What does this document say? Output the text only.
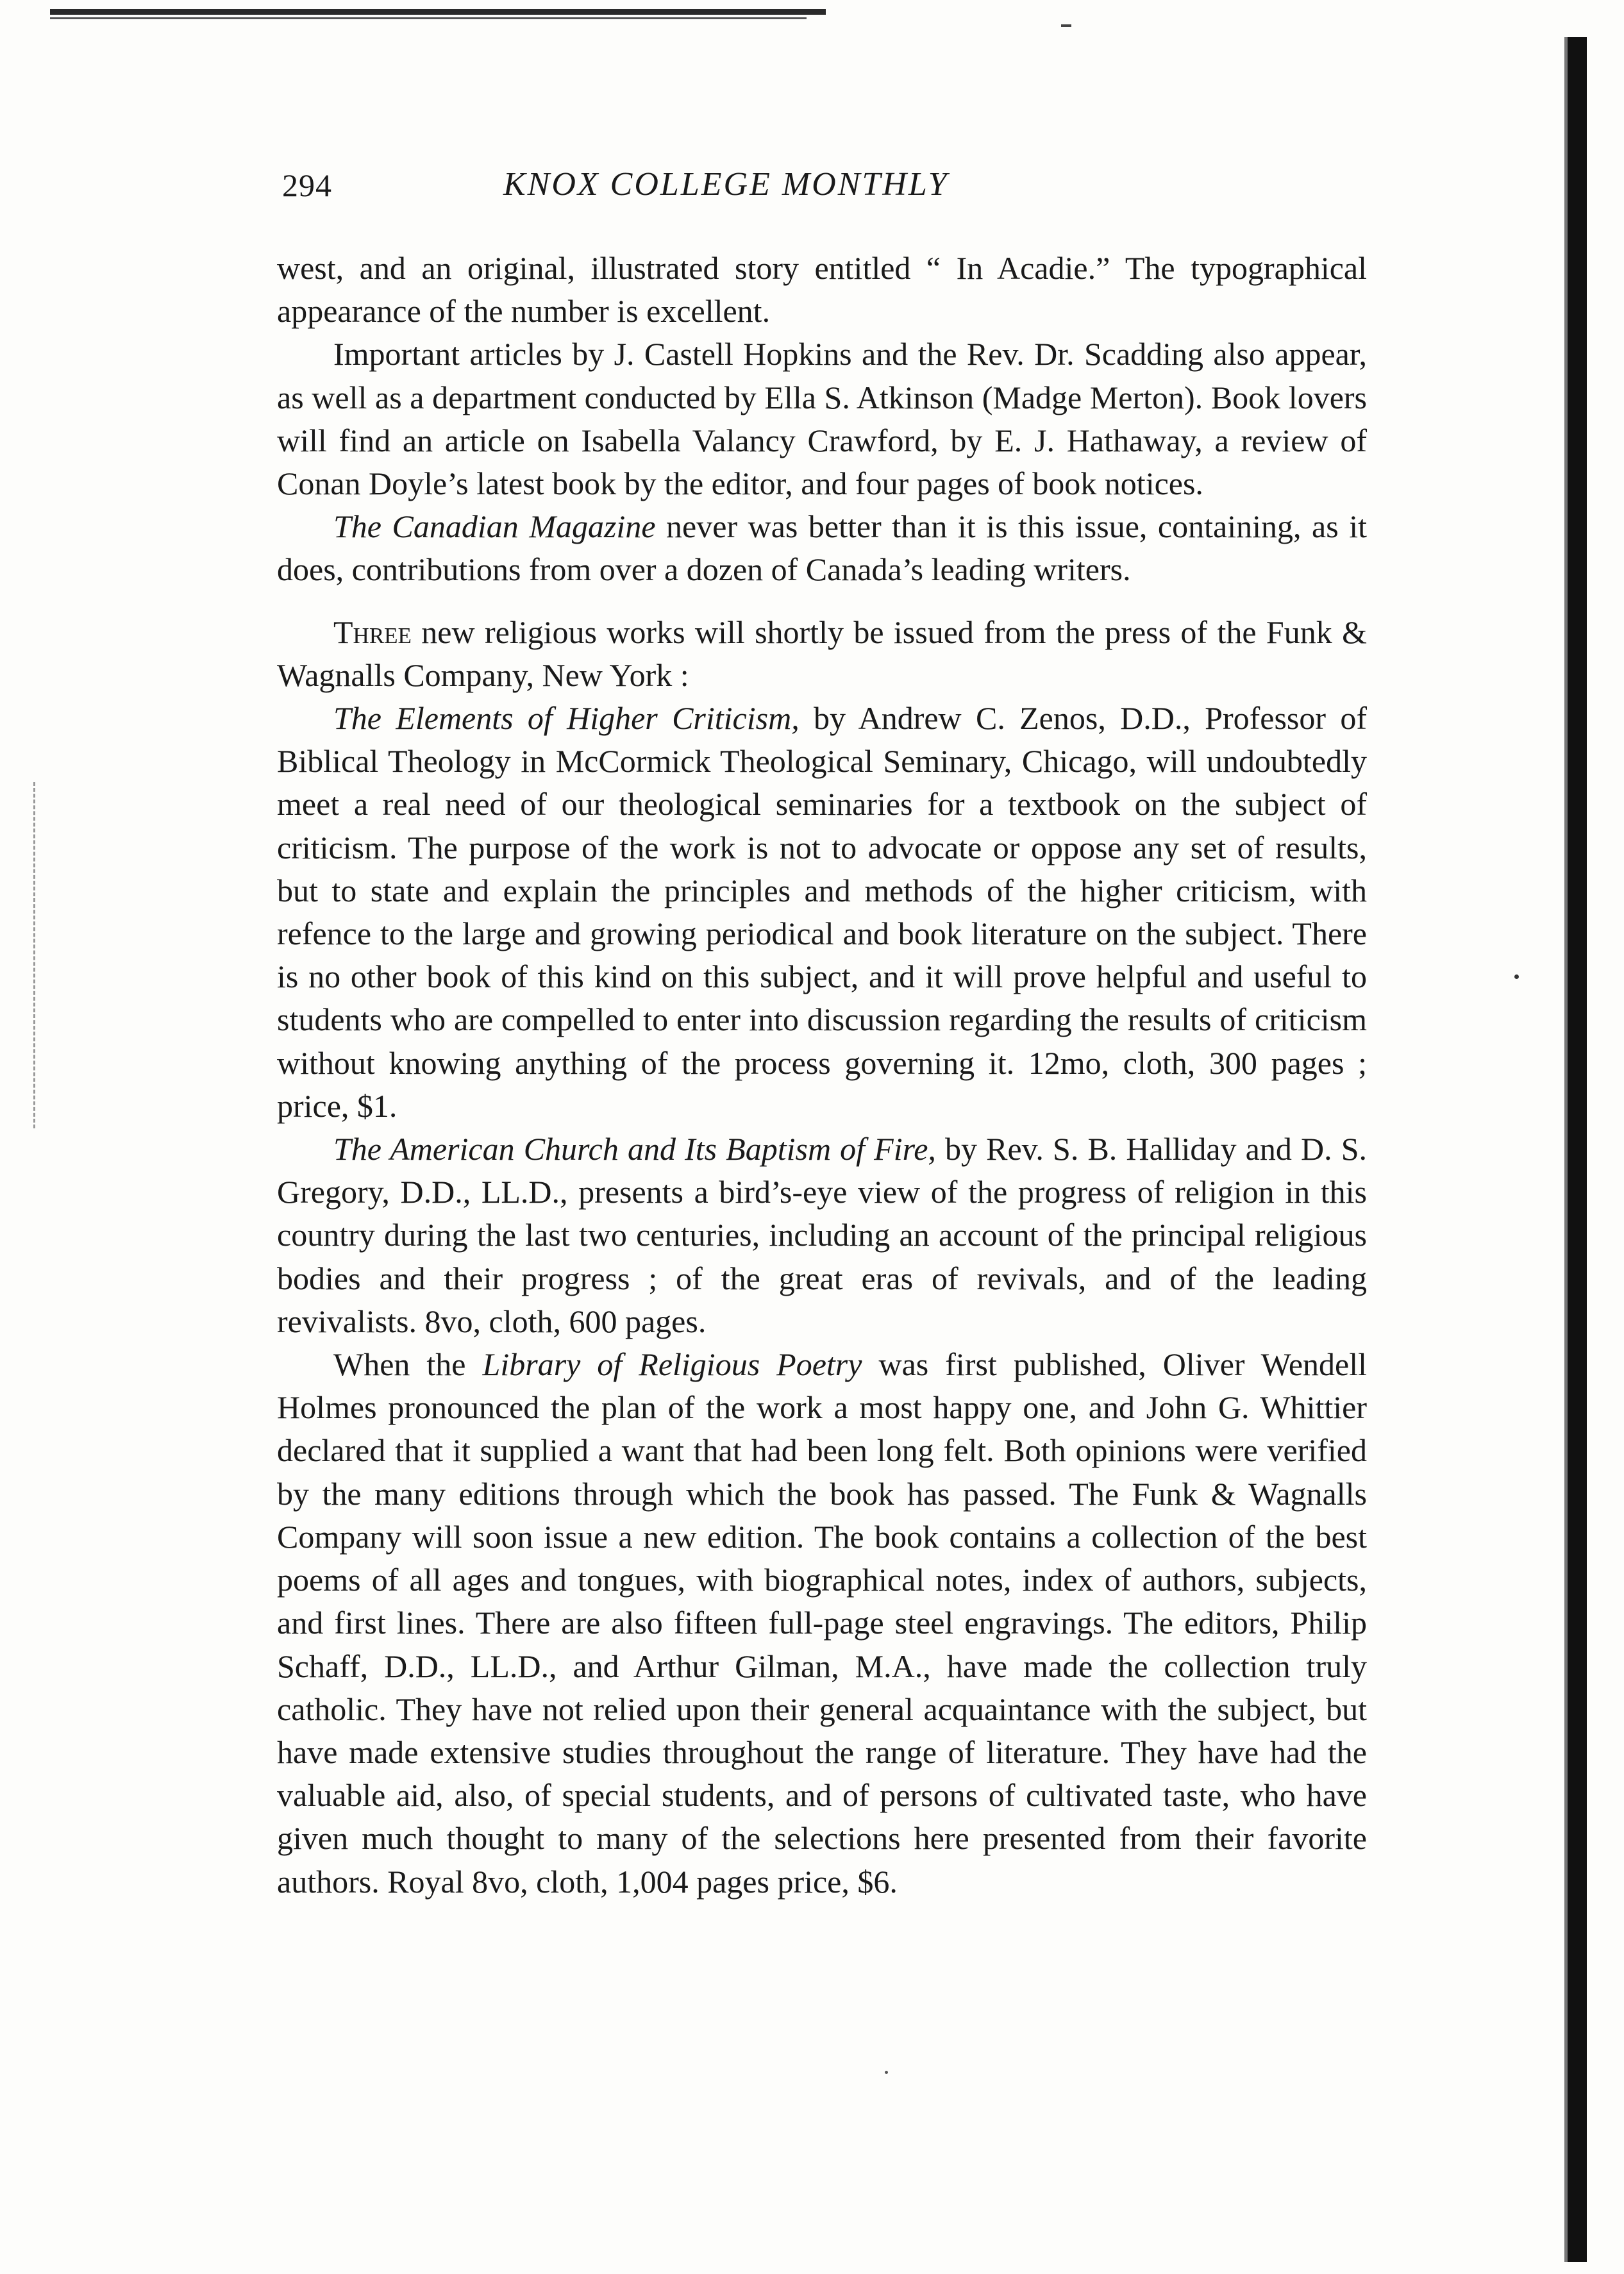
294	KNOX COLLEGE MONTHLY

west, and an original, illustrated story entitled “ In Acadie.” The typographical appearance of the number is excellent.

Important articles by J. Castell Hopkins and the Rev. Dr. Scadding also appear, as well as a department conducted by Ella S. Atkinson (Madge Merton). Book lovers will find an article on Isabella Valancy Crawford, by E. J. Hathaway, a review of Conan Doyle’s latest book by the editor, and four pages of book notices.

The Canadian Magazine never was better than it is this issue, containing, as it does, contributions from over a dozen of Canada’s leading writers.

Three new religious works will shortly be issued from the press of the Funk & Wagnalls Company, New York :

The Elements of Higher Criticism, by Andrew C. Zenos, D.D., Professor of Biblical Theology in McCormick Theological Seminary, Chicago, will undoubtedly meet a real need of our theological seminaries for a textbook on the subject of criticism. The purpose of the work is not to advocate or oppose any set of results, but to state and explain the principles and methods of the higher criticism, with refence to the large and growing periodical and book literature on the subject. There is no other book of this kind on this subject, and it will prove helpful and useful to students who are compelled to enter into discussion regarding the results of criticism without knowing anything of the process governing it. 12mo, cloth, 300 pages ; price, $1.

The American Church and Its Baptism of Fire, by Rev. S. B. Halliday and D. S. Gregory, D.D., LL.D., presents a bird’s-eye view of the progress of religion in this country during the last two centuries, including an account of the principal religious bodies and their progress ; of the great eras of revivals, and of the leading revivalists. 8vo, cloth, 600 pages.

When the Library of Religious Poetry was first published, Oliver Wendell Holmes pronounced the plan of the work a most happy one, and John G. Whittier declared that it supplied a want that had been long felt. Both opinions were verified by the many editions through which the book has passed. The Funk & Wagnalls Company will soon issue a new edition. The book contains a collection of the best poems of all ages and tongues, with biographical notes, index of authors, subjects, and first lines. There are also fifteen full-page steel engravings. The editors, Philip Schaff, D.D., LL.D., and Arthur Gilman, M.A., have made the collection truly catholic. They have not relied upon their general acquaintance with the subject, but have made extensive studies throughout the range of literature. They have had the valuable aid, also, of special students, and of persons of cultivated taste, who have given much thought to many of the selections here presented from their favorite authors. Royal 8vo, cloth, 1,004 pages price, $6.
